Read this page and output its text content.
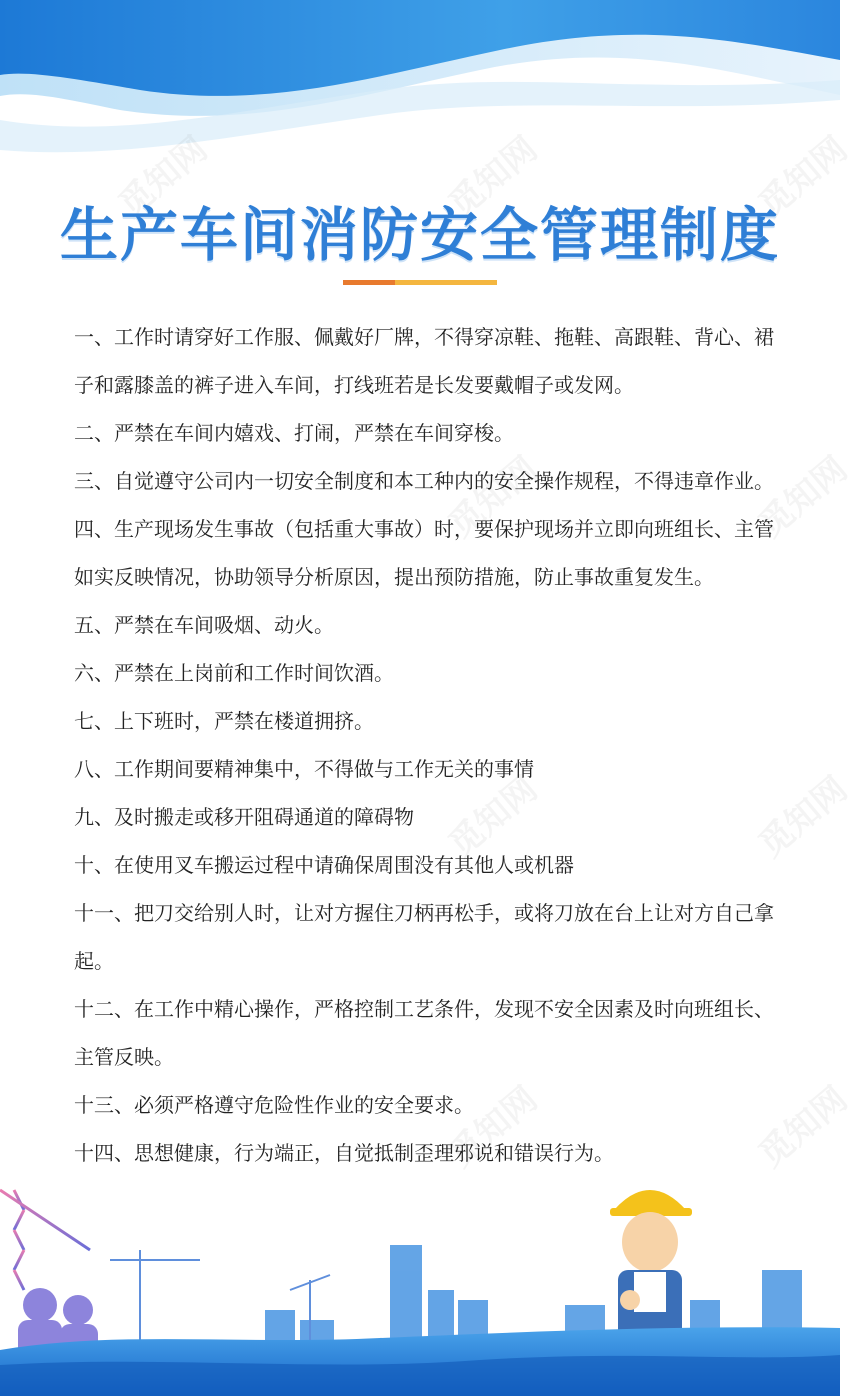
觅知网	觅知网	觅知网
觅知网	觅知网
觅知网	觅知网
觅知网	觅知网
生产车间消防安全管理制度

一、工作时请穿好工作服、佩戴好厂牌，不得穿凉鞋、拖鞋、高跟鞋、背心、裙子和露膝盖的裤子进入车间，打线班若是长发要戴帽子或发网。

二、严禁在车间内嬉戏、打闹，严禁在车间穿梭。

三、自觉遵守公司内一切安全制度和本工种内的安全操作规程，不得违章作业。

四、生产现场发生事故（包括重大事故）时，要保护现场并立即向班组长、主管如实反映情况，协助领导分析原因，提出预防措施，防止事故重复发生。

五、严禁在车间吸烟、动火。

六、严禁在上岗前和工作时间饮酒。

七、上下班时，严禁在楼道拥挤。

八、工作期间要精神集中，不得做与工作无关的事情

九、及时搬走或移开阻碍通道的障碍物

十、在使用叉车搬运过程中请确保周围没有其他人或机器

十一、把刀交给别人时，让对方握住刀柄再松手，或将刀放在台上让对方自己拿起。

十二、在工作中精心操作，严格控制工艺条件，发现不安全因素及时向班组长、主管反映。

十三、必须严格遵守危险性作业的安全要求。

十四、思想健康，行为端正，自觉抵制歪理邪说和错误行为。
